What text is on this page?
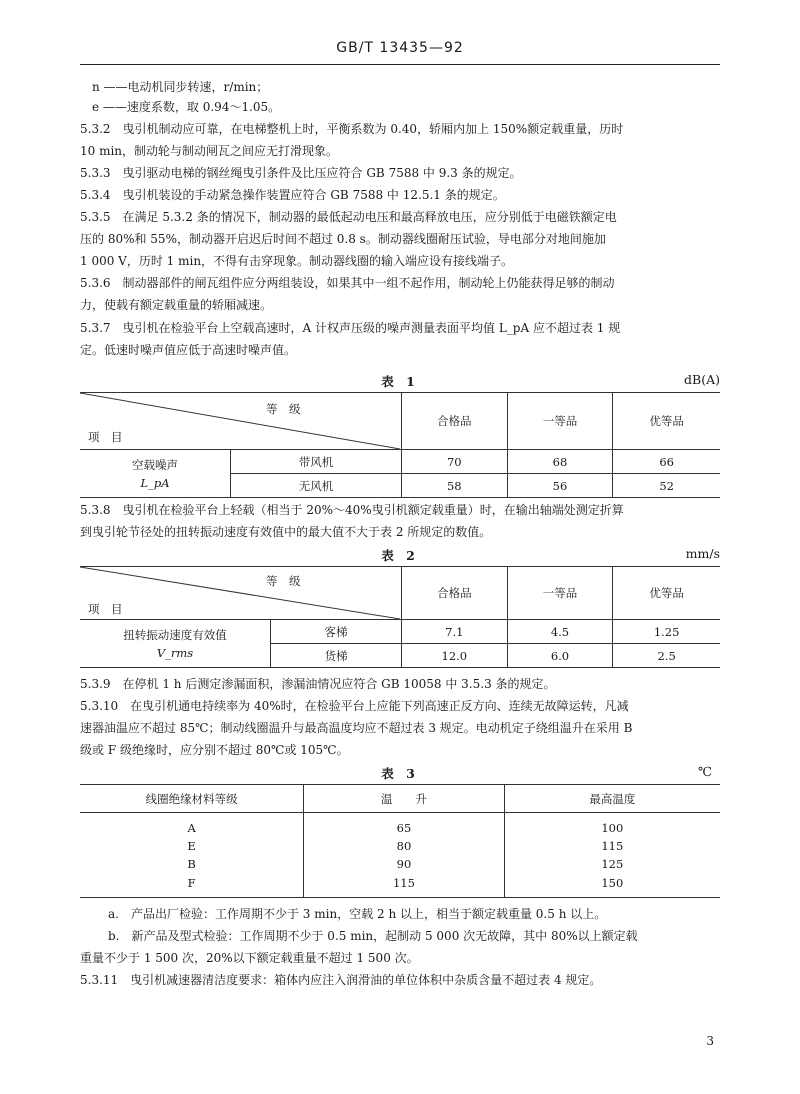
GB/T 13435—92
n ——电动机同步转速，r/min；
e ——速度系数，取 0.94～1.05。
5.3.2　曳引机制动应可靠，在电梯整机上时，平衡系数为 0.40，轿厢内加上 150%额定载重量，历时
10 min，制动轮与制动闸瓦之间应无打滑现象。
5.3.3　曳引驱动电梯的钢丝绳曳引条件及比压应符合 GB 7588 中 9.3 条的规定。
5.3.4　曳引机装设的手动紧急操作装置应符合 GB 7588 中 12.5.1 条的规定。
5.3.5　在满足 5.3.2 条的情况下，制动器的最低起动电压和最高释放电压，应分别低于电磁铁额定电
压的 80%和 55%，制动器开启迟后时间不超过 0.8 s。制动器线圈耐压试验，导电部分对地间施加
1 000 V，历时 1 min，不得有击穿现象。制动器线圈的输入端应设有接线端子。
5.3.6　制动器部件的闸瓦组件应分两组装设，如果其中一组不起作用，制动轮上仍能获得足够的制动
力，使载有额定载重量的轿厢减速。
5.3.7　曳引机在检验平台上空载高速时，A 计权声压级的噪声测量表面平均值 L_pA 应不超过表 1 规
定。低速时噪声值应低于高速时噪声值。
表 1	dB(A)
等　级
项　目		合格品	一等品	优等品

空载噪声
L_pA	带风机	70	68	66
	无风机	58	56	52
5.3.8　曳引机在检验平台上轻载（相当于 20%～40%曳引机额定载重量）时，在输出轴端处测定折算
到曳引轮节径处的扭转振动速度有效值中的最大值不大于表 2 所规定的数值。
表 2	mm/s
等　级
项　目		合格品	一等品	优等品

扭转振动速度有效值
V_rms	客梯	7.1	4.5	1.25
	货梯	12.0	6.0	2.5
5.3.9　在停机 1 h 后测定渗漏面积，渗漏油情况应符合 GB 10058 中 3.5.3 条的规定。
5.3.10　在曳引机通电持续率为 40%时，在检验平台上应能下列高速正反方向、连续无故障运转，凡减
速器油温应不超过 85℃；制动线圈温升与最高温度均应不超过表 3 规定。电动机定子绕组温升在采用 B
级或 F 级绝缘时，应分别不超过 80℃或 105℃。
表 3	℃
线圈绝缘材料等级	温　　升	最高温度
A	65	100
E	80	115
B	90	125
F	115	150
a.　产品出厂检验：工作周期不少于 3 min，空载 2 h 以上，相当于额定载重量 0.5 h 以上。
b.　新产品及型式检验：工作周期不少于 0.5 min，起制动 5 000 次无故障，其中 80%以上额定载
重量不少于 1 500 次，20%以下额定载重量不超过 1 500 次。
5.3.11　曳引机减速器清洁度要求：箱体内应注入润滑油的单位体积中杂质含量不超过表 4 规定。
3
